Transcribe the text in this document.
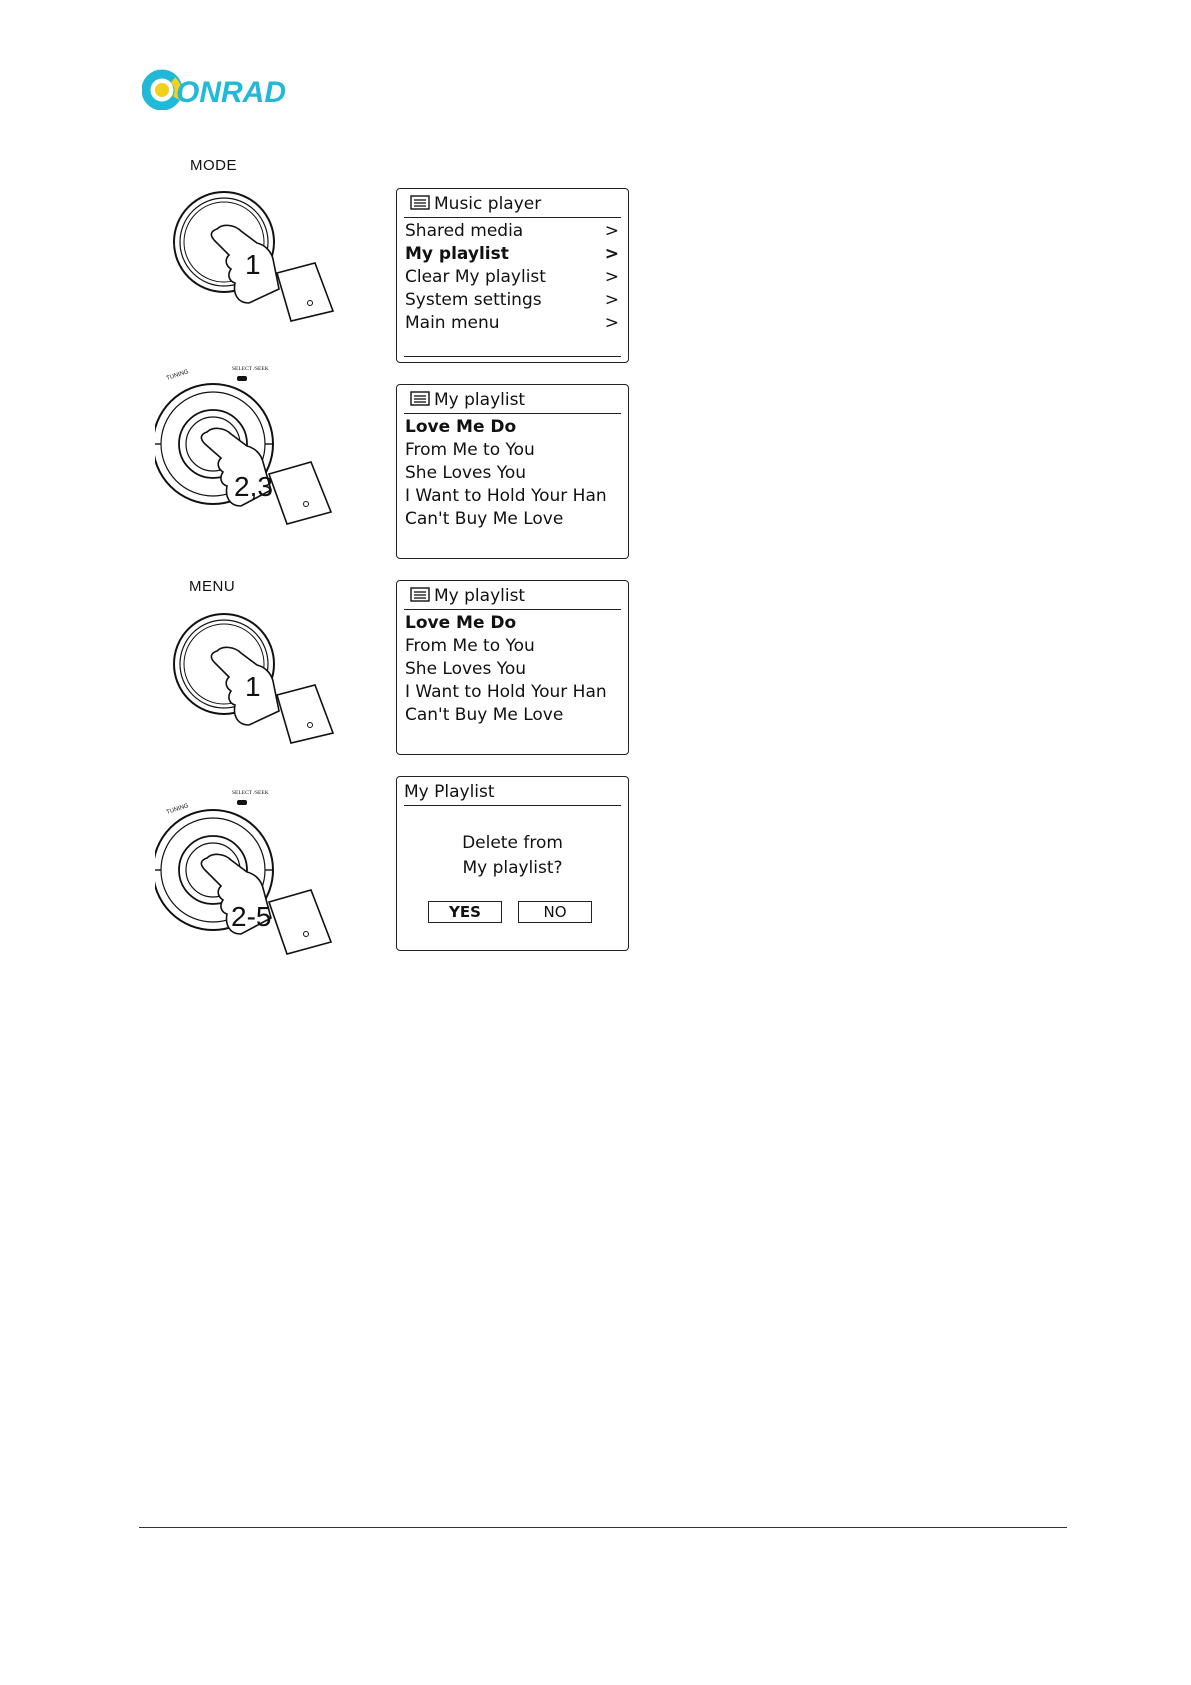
ONRAD
MODE
1
Music player
Shared media	>
My playlist	>
Clear My playlist	>
System settings	>
Main menu	>
TUNING
SELECT /SEEK
2,3
My playlist
Love Me Do
From Me to You
She Loves You
I Want to Hold Your Han
Can't Buy Me Love
MENU
1
My playlist
Love Me Do
From Me to You
She Loves You
I Want to Hold Your Han
Can't Buy Me Love
TUNING
SELECT /SEEK
2-5
My Playlist
Delete from
My playlist?
YES	NO
